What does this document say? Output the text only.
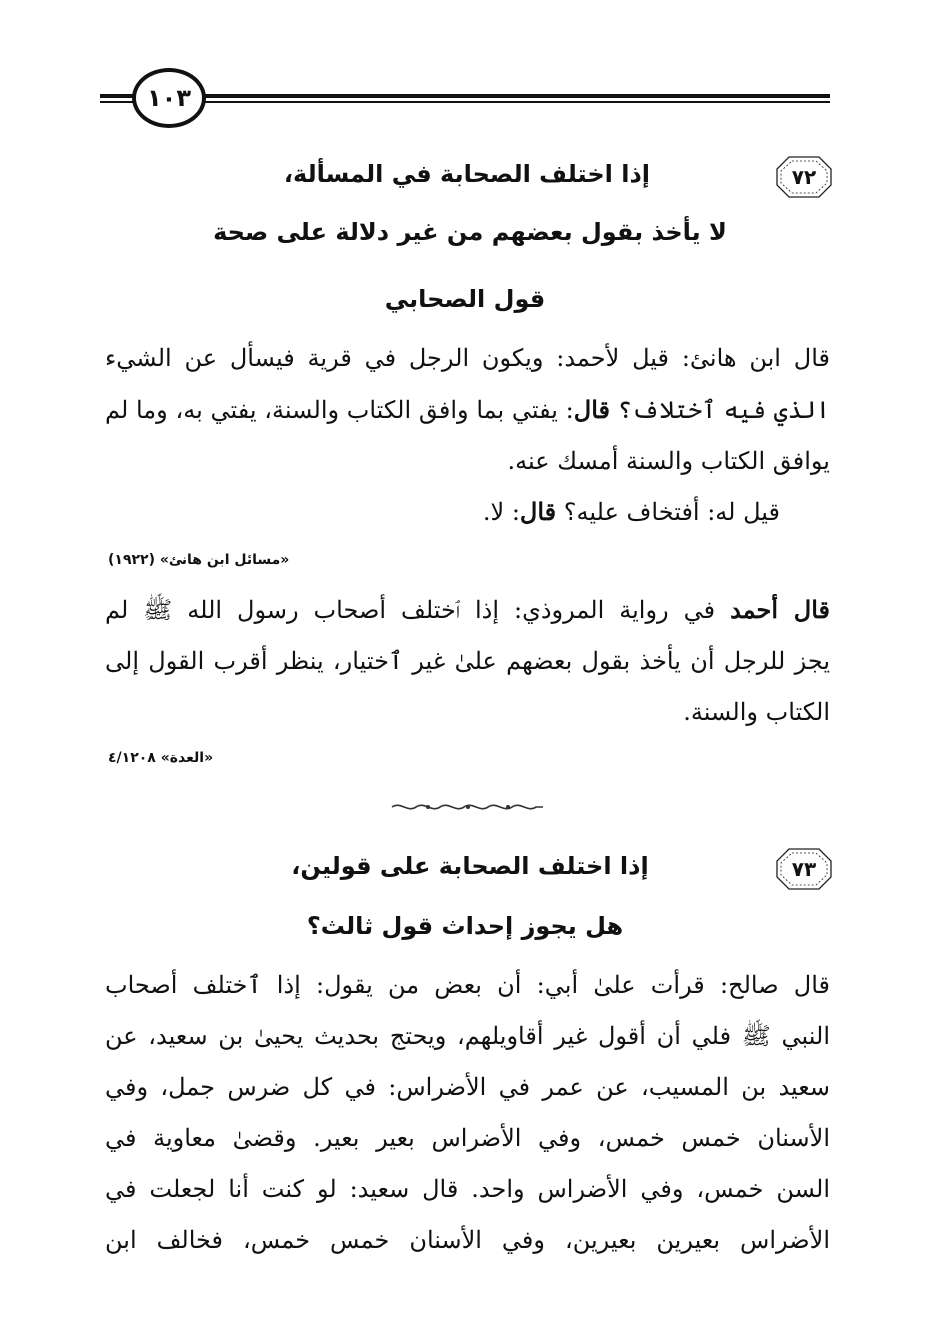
١٠٣
٧٢
إذا اختلف الصحابة في المسألة،
لا يأخذ بقول بعضهم من غير دلالة على صحة
قول الصحابي
قال ابن هانئ: قيل لأحمد: ويكون الرجل في قرية فيسأل عن الشيء
الذي فيه ٱختلاف؟ قال: يفتي بما وافق الكتاب والسنة، يفتي به، وما لم
يوافق الكتاب والسنة أمسك عنه.
قيل له: أفتخاف عليه؟ قال: لا.
«مسائل ابن هانئ» (١٩٢٢)
قال أحمد في رواية المروذي: إذا ٱختلف أصحاب رسول الله ﷺ لم
يجز للرجل أن يأخذ بقول بعضهم علىٰ غير ٱختيار، ينظر أقرب القول إلى
الكتاب والسنة.
«العدة» ٤/١٢٠٨
٧٣
إذا اختلف الصحابة على قولين،
هل يجوز إحداث قول ثالث؟
قال صالح: قرأت علىٰ أبي: أن بعض من يقول: إذا ٱختلف أصحاب
النبي ﷺ فلي أن أقول غير أقاويلهم، ويحتج بحديث يحيىٰ بن سعيد، عن
سعيد بن المسيب، عن عمر في الأضراس: في كل ضرس جمل، وفي
الأسنان خمس خمس، وفي الأضراس بعير بعير. وقضىٰ معاوية في
السن خمس، وفي الأضراس واحد. قال سعيد: لو كنت أنا لجعلت في
الأضراس بعيرين بعيرين، وفي الأسنان خمس خمس، فخالف ابن
